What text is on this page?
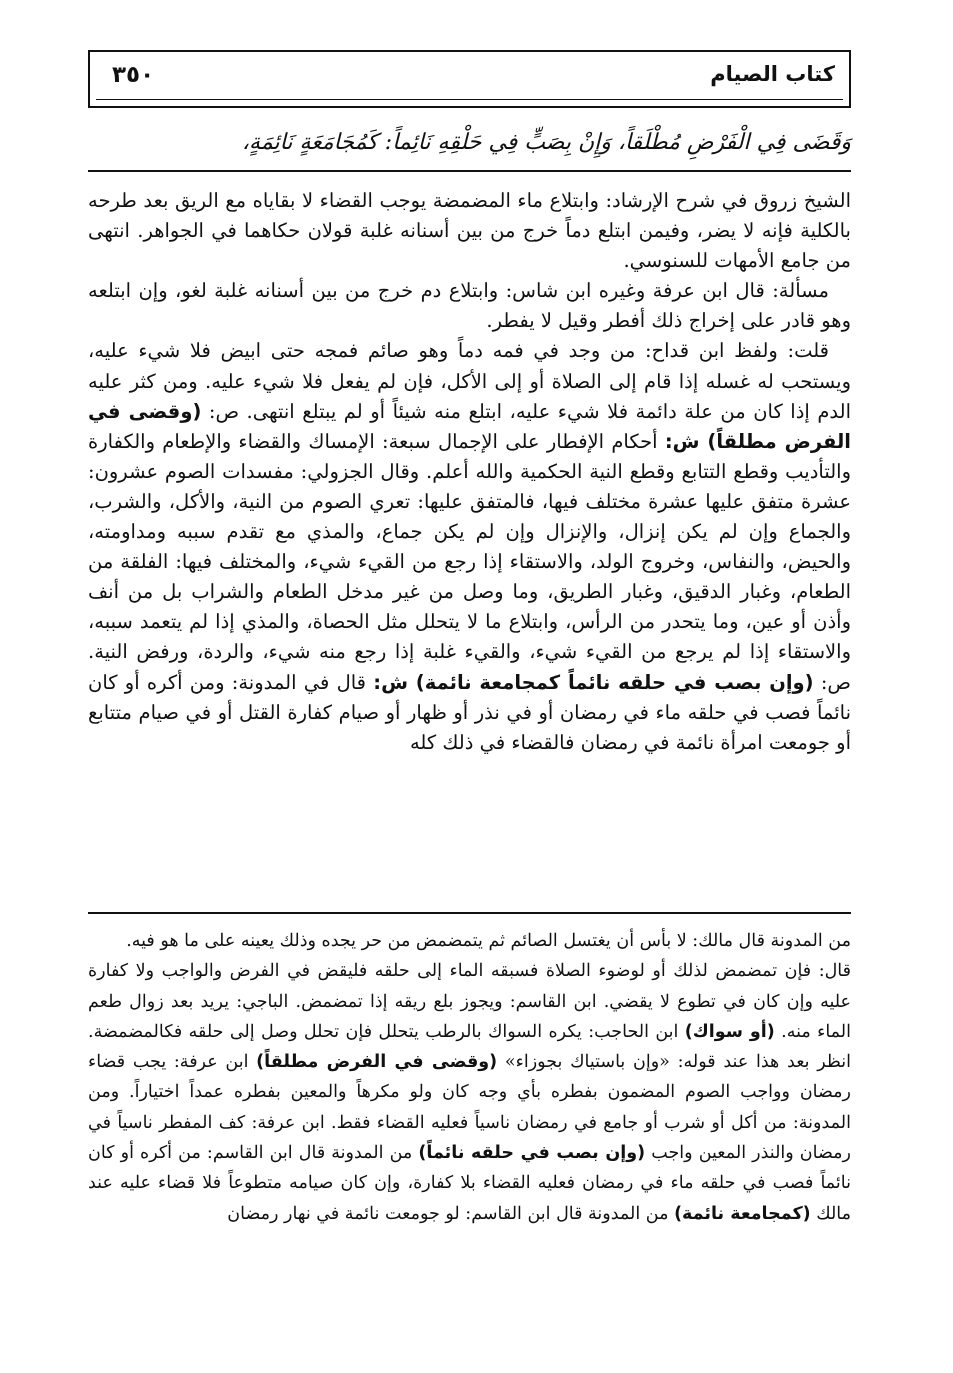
كتاب الصيام
٣٥٠
وَقَضَى فِي الْفَرْضِ مُطْلَقاً، وَإِنْ بِصَبٍّ فِي حَلْقِهِ نَائِماً: كَمُجَامَعَةٍ نَائِمَةٍ،

الشيخ زروق في شرح الإرشاد: وابتلاع ماء المضمضة يوجب القضاء لا بقاياه مع الريق بعد طرحه بالكلية فإنه لا يضر، وفيمن ابتلع دماً خرج من بين أسنانه غلبة قولان حكاهما في الجواهر. انتهى من جامع الأمهات للسنوسي.

مسألة: قال ابن عرفة وغيره ابن شاس: وابتلاع دم خرج من بين أسنانه غلبة لغو، وإن ابتلعه وهو قادر على إخراج ذلك أفطر وقيل لا يفطر.

قلت: ولفظ ابن قداح: من وجد في فمه دماً وهو صائم فمجه حتى ابيض فلا شيء عليه، ويستحب له غسله إذا قام إلى الصلاة أو إلى الأكل، فإن لم يفعل فلا شيء عليه. ومن كثر عليه الدم إذا كان من علة دائمة فلا شيء عليه، ابتلع منه شيئاً أو لم يبتلع انتهى. ص: (وقضى في الفرض مطلقاً) ش: أحكام الإفطار على الإجمال سبعة: الإمساك والقضاء والإطعام والكفارة والتأديب وقطع التتابع وقطع النية الحكمية والله أعلم. وقال الجزولي: مفسدات الصوم عشرون: عشرة متفق عليها عشرة مختلف فيها، فالمتفق عليها: تعري الصوم من النية، والأكل، والشرب، والجماع وإن لم يكن إنزال، والإنزال وإن لم يكن جماع، والمذي مع تقدم سببه ومداومته، والحيض، والنفاس، وخروج الولد، والاستقاء إذا رجع من القيء شيء، والمختلف فيها: الفلقة من الطعام، وغبار الدقيق، وغبار الطريق، وما وصل من غير مدخل الطعام والشراب بل من أنف وأذن أو عين، وما يتحدر من الرأس، وابتلاع ما لا يتحلل مثل الحصاة، والمذي إذا لم يتعمد سببه، والاستقاء إذا لم يرجع من القيء شيء، والقيء غلبة إذا رجع منه شيء، والردة، ورفض النية. ص: (وإن بصب في حلقه نائماً كمجامعة نائمة) ش: قال في المدونة: ومن أكره أو كان نائماً فصب في حلقه ماء في رمضان أو في نذر أو ظهار أو صيام كفارة القتل أو في صيام متتابع أو جومعت امرأة نائمة في رمضان فالقضاء في ذلك كله

من المدونة قال مالك: لا بأس أن يغتسل الصائم ثم يتمضمض من حر يجده وذلك يعينه على ما هو فيه.

قال: فإن تمضمض لذلك أو لوضوء الصلاة فسبقه الماء إلى حلقه فليقض في الفرض والواجب ولا كفارة عليه وإن كان في تطوع لا يقضي. ابن القاسم: ويجوز بلع ريقه إذا تمضمض. الباجي: يريد بعد زوال طعم الماء منه. (أو سواك) ابن الحاجب: يكره السواك بالرطب يتحلل فإن تحلل وصل إلى حلقه فكالمضمضة. انظر بعد هذا عند قوله: «وإن باستياك بجوزاء» (وقضى في الفرض مطلقاً) ابن عرفة: يجب قضاء رمضان وواجب الصوم المضمون بفطره بأي وجه كان ولو مكرهاً والمعين بفطره عمداً اختياراً. ومن المدونة: من أكل أو شرب أو جامع في رمضان ناسياً فعليه القضاء فقط. ابن عرفة: كف المفطر ناسياً في رمضان والنذر المعين واجب (وإن بصب في حلقه نائماً) من المدونة قال ابن القاسم: من أكره أو كان نائماً فصب في حلقه ماء في رمضان فعليه القضاء بلا كفارة، وإن كان صيامه متطوعاً فلا قضاء عليه عند مالك (كمجامعة نائمة) من المدونة قال ابن القاسم: لو جومعت نائمة في نهار رمضان
